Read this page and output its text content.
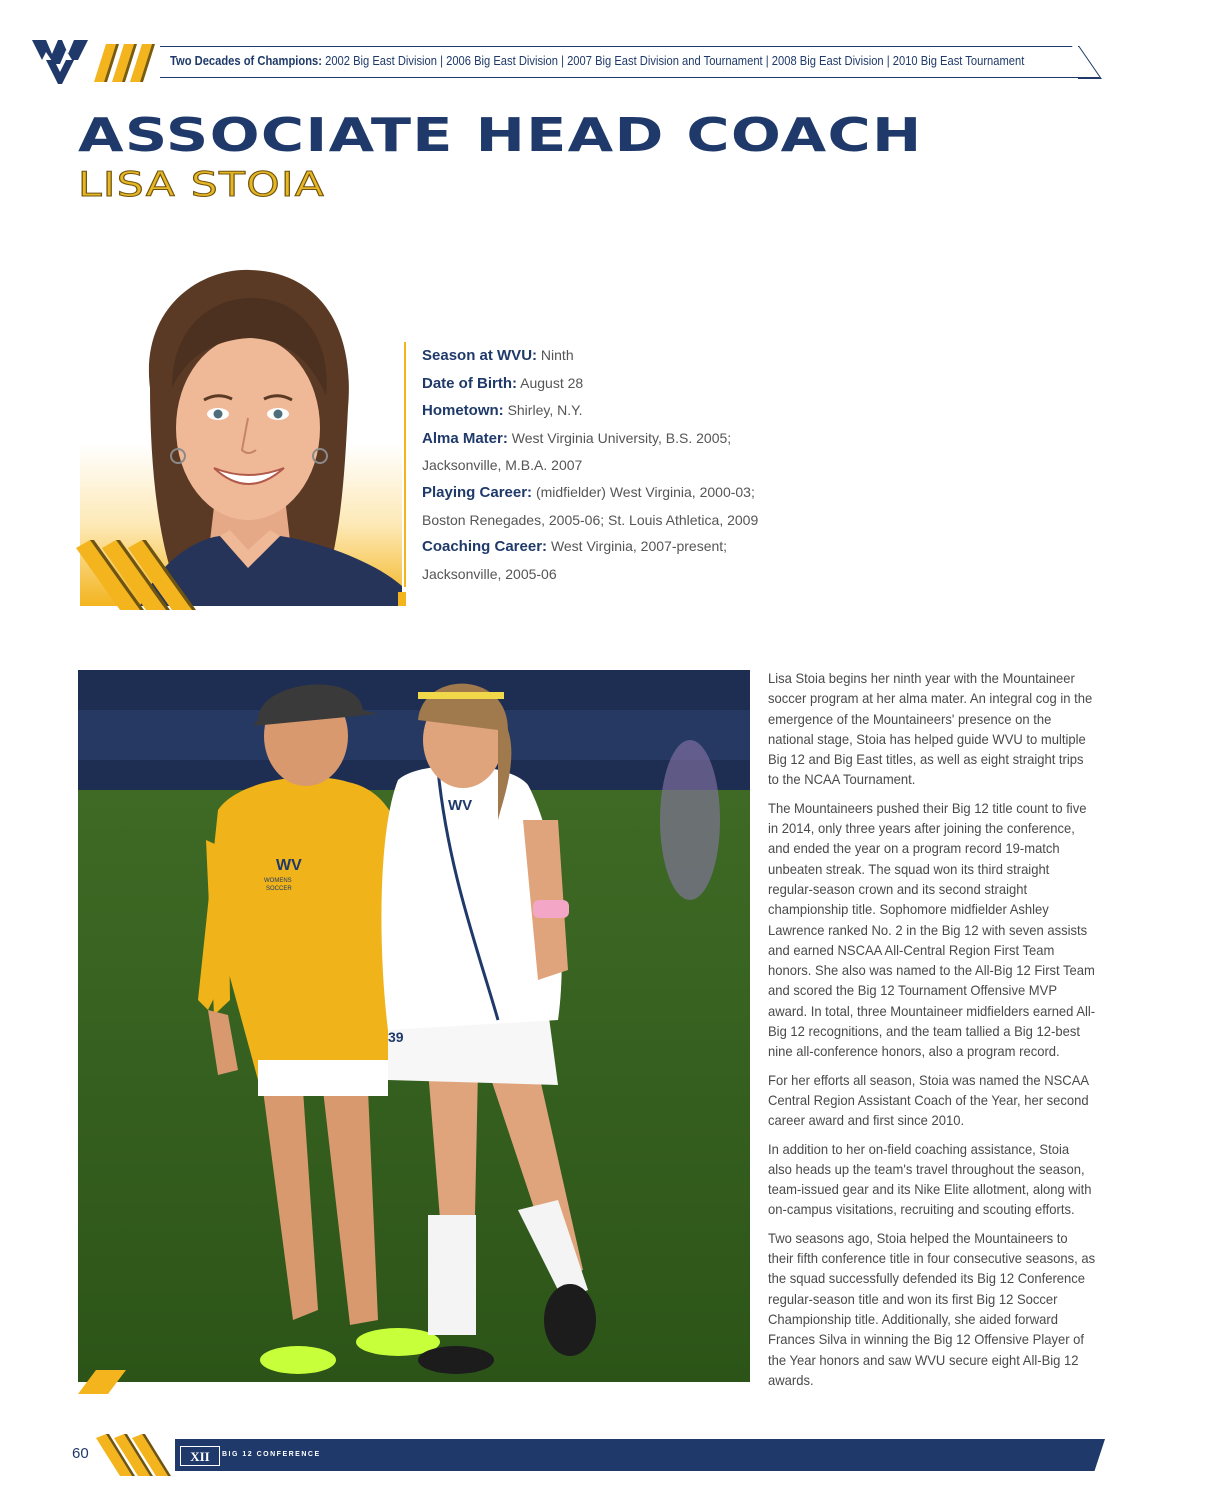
Two Decades of Champions: 2002 Big East Division | 2006 Big East Division | 2007 Big East Division and Tournament | 2008 Big East Division | 2010 Big East Tournament
ASSOCIATE HEAD COACH
LISA STOIA

Season at WVU: Ninth

Date of Birth: August 28

Hometown: Shirley, N.Y.

Alma Mater: West Virginia University, B.S. 2005; Jacksonville, M.B.A. 2007

Playing Career: (midfielder) West Virginia, 2000-03; Boston Renegades, 2005-06; St. Louis Athletica, 2009

Coaching Career: West Virginia, 2007-present; Jacksonville, 2005-06

WV
WOMENS
SOCCER
WV
39

Lisa Stoia begins her ninth year with the Mountaineer soccer program at her alma mater. An integral cog in the emergence of the Mountaineers' presence on the national stage, Stoia has helped guide WVU to multiple Big 12 and Big East titles, as well as eight straight trips to the NCAA Tournament.

The Mountaineers pushed their Big 12 title count to five in 2014, only three years after joining the conference, and ended the year on a program record 19-match unbeaten streak. The squad won its third straight regular-season crown and its second straight championship title. Sophomore midfielder Ashley Lawrence ranked No. 2 in the Big 12 with seven assists and earned NSCAA All-Central Region First Team honors. She also was named to the All-Big 12 First Team and scored the Big 12 Tournament Offensive MVP award. In total, three Mountaineer midfielders earned All-Big 12 recognitions, and the team tallied a Big 12-best nine all-conference honors, also a program record.

For her efforts all season, Stoia was named the NSCAA Central Region Assistant Coach of the Year, her second career award and first since 2010.

In addition to her on-field coaching assistance, Stoia also heads up the team's travel throughout the season, team-issued gear and its Nike Elite allotment, along with on-campus visitations, recruiting and scouting efforts.

Two seasons ago, Stoia helped the Mountaineers to their fifth conference title in four consecutive seasons, as the squad successfully defended its Big 12 Conference regular-season title and won its first Big 12 Soccer Championship title. Additionally, she aided forward Frances Silva in winning the Big 12 Offensive Player of the Year honors and saw WVU secure eight All-Big 12 awards.

60	XII BIG 12 CONFERENCE
